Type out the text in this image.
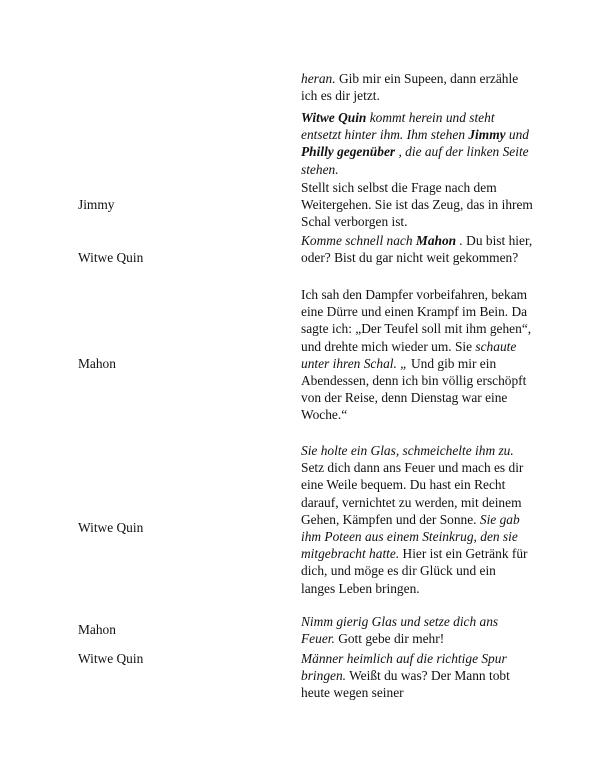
heran. Gib mir ein Supeen, dann erzähle ich es dir jetzt.

Witwe Quin kommt herein und steht entsetzt hinter ihm. Ihm stehen Jimmy und Philly gegenüber , die auf der linken Seite stehen.

Jimmy

Stellt sich selbst die Frage nach dem Weitergehen. Sie ist das Zeug, das in ihrem Schal verborgen ist.

Witwe Quin

Komme schnell nach Mahon . Du bist hier, oder? Bist du gar nicht weit gekommen?

Mahon

Ich sah den Dampfer vorbeifahren, bekam eine Dürre und einen Krampf im Bein. Da sagte ich: „Der Teufel soll mit ihm gehen“, und drehte mich wieder um. Sie schaute unter ihren Schal. „ Und gib mir ein Abendessen, denn ich bin völlig erschöpft von der Reise, denn Dienstag war eine Woche.“

Witwe Quin

Sie holte ein Glas, schmeichelte ihm zu. Setz dich dann ans Feuer und mach es dir eine Weile bequem. Du hast ein Recht darauf, vernichtet zu werden, mit deinem Gehen, Kämpfen und der Sonne. Sie gab ihm Poteen aus einem Steinkrug, den sie mitgebracht hatte. Hier ist ein Getränk für dich, und möge es dir Glück und ein langes Leben bringen.

Mahon

Nimm gierig Glas und setze dich ans Feuer. Gott gebe dir mehr!

Witwe Quin	Männer heimlich auf die richtige Spur bringen. Weißt du was? Der Mann tobt heute wegen seiner
